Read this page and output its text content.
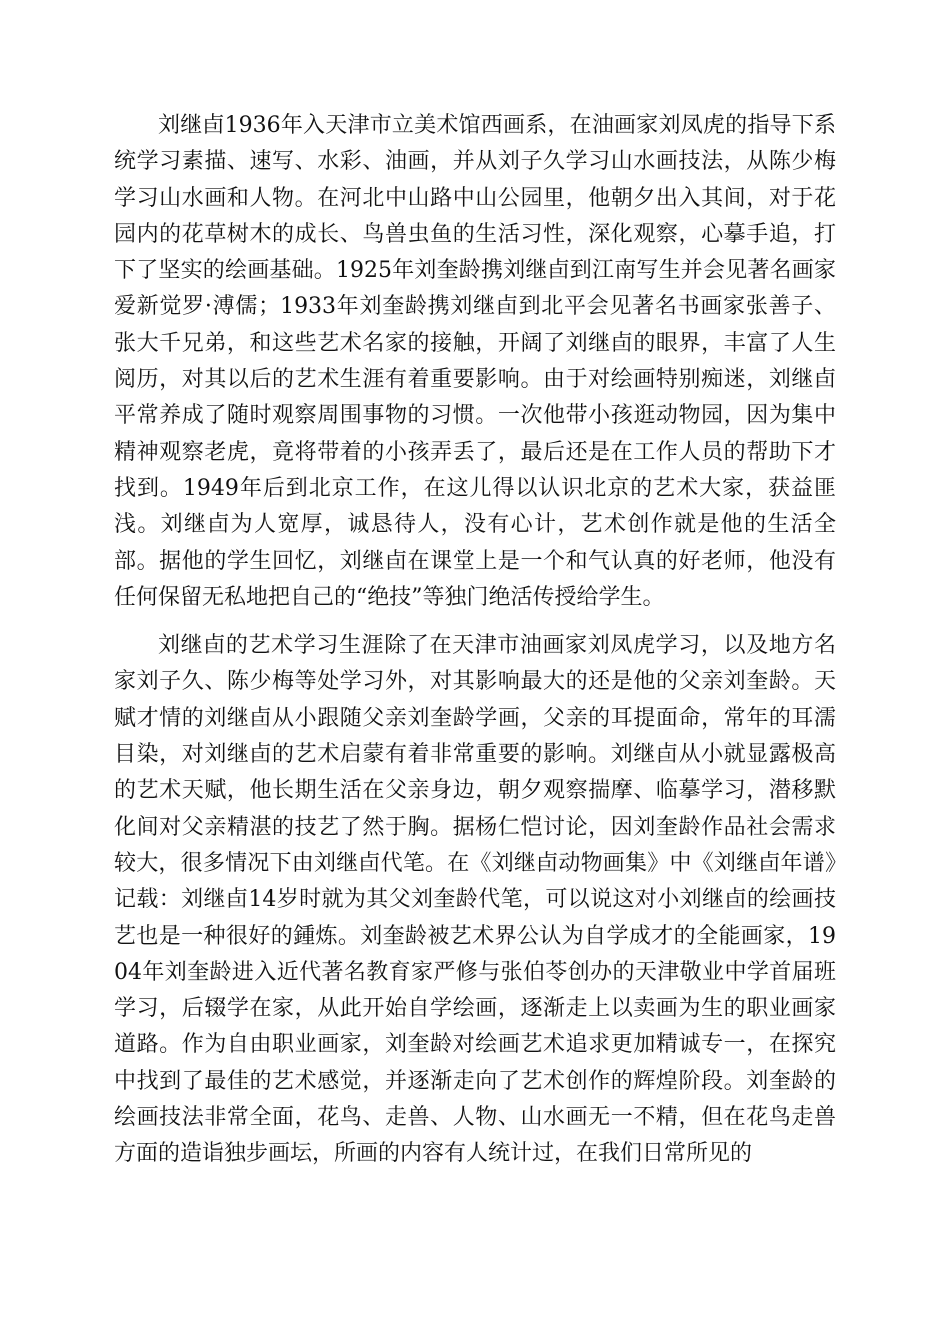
刘继卣1936年入天津市立美术馆西画系，在油画家刘凤虎的指导下系统学习素描、速写、水彩、油画，并从刘子久学习山水画技法，从陈少梅学习山水画和人物。在河北中山路中山公园里，他朝夕出入其间，对于花园内的花草树木的成长、鸟兽虫鱼的生活习性，深化观察，心摹手追，打下了坚实的绘画基础。1925年刘奎龄携刘继卣到江南写生并会见著名画家爱新觉罗·溥儒；1933年刘奎龄携刘继卣到北平会见著名书画家张善子、张大千兄弟，和这些艺术名家的接触，开阔了刘继卣的眼界，丰富了人生阅历，对其以后的艺术生涯有着重要影响。由于对绘画特别痴迷，刘继卣平常养成了随时观察周围事物的习惯。一次他带小孩逛动物园，因为集中精神观察老虎，竟将带着的小孩弄丢了，最后还是在工作人员的帮助下才找到。1949年后到北京工作，在这儿得以认识北京的艺术大家，获益匪浅。刘继卣为人宽厚，诚恳待人，没有心计，艺术创作就是他的生活全部。据他的学生回忆，刘继卣在课堂上是一个和气认真的好老师，他没有任何保留无私地把自己的“绝技”等独门绝活传授给学生。

刘继卣的艺术学习生涯除了在天津市油画家刘凤虎学习，以及地方名家刘子久、陈少梅等处学习外，对其影响最大的还是他的父亲刘奎龄。天赋才情的刘继卣从小跟随父亲刘奎龄学画，父亲的耳提面命，常年的耳濡目染，对刘继卣的艺术启蒙有着非常重要的影响。刘继卣从小就显露极高的艺术天赋，他长期生活在父亲身边，朝夕观察揣摩、临摹学习，潜移默化间对父亲精湛的技艺了然于胸。据杨仁恺讨论，因刘奎龄作品社会需求较大，很多情况下由刘继卣代笔。在《刘继卣动物画集》中《刘继卣年谱》记载：刘继卣14岁时就为其父刘奎龄代笔，可以说这对小刘继卣的绘画技艺也是一种很好的鍾炼。刘奎龄被艺术界公认为自学成才的全能画家，1904年刘奎龄进入近代著名教育家严修与张伯苓创办的天津敬业中学首届班学习，后辍学在家，从此开始自学绘画，逐渐走上以卖画为生的职业画家道路。作为自由职业画家，刘奎龄对绘画艺术追求更加精诚专一，在探究中找到了最佳的艺术感觉，并逐渐走向了艺术创作的辉煌阶段。刘奎龄的绘画技法非常全面，花鸟、走兽、人物、山水画无一不精，但在花鸟走兽方面的造诣独步画坛，所画的内容有人统计过，在我们日常所见的
